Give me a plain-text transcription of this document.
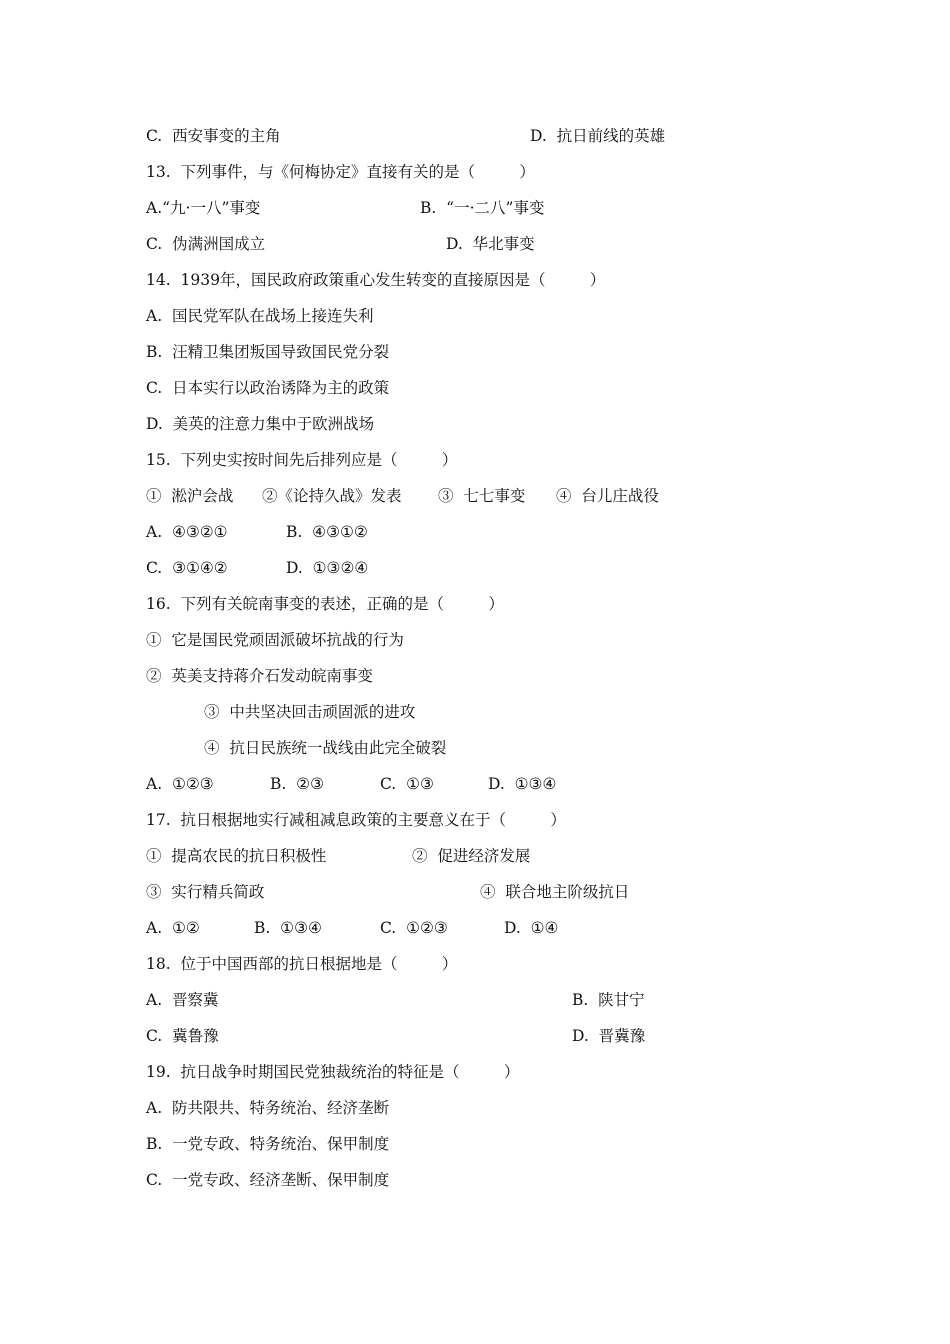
C.  西安事变的主角	D.  抗日前线的英雄
13.  下列事件，与《何梅协定》直接有关的是（         ）
A.“九·一八”事变	B.  “一·二八”事变
C.  伪满洲国成立	D.  华北事变
14.  1939年，国民政府政策重心发生转变的直接原因是（         ）
A.  国民党军队在战场上接连失利
B.  汪精卫集团叛国导致国民党分裂
C.  日本实行以政治诱降为主的政策
D.  美英的注意力集中于欧洲战场
15.  下列史实按时间先后排列应是（         ）
①  淞沪会战 ②《论持久战》发表 ③  七七事变 ④  台儿庄战役
A.  ④③②①	B.  ④③①②
C.  ③①④②	D.  ①③②④
16.  下列有关皖南事变的表述，正确的是（         ）
①  它是国民党顽固派破坏抗战的行为
②  英美支持蒋介石发动皖南事变
③  中共坚决回击顽固派的进攻
④  抗日民族统一战线由此完全破裂
A.  ①②③	B.  ②③	C.  ①③	D.  ①③④
17.  抗日根据地实行减租减息政策的主要意义在于（         ）
①  提高农民的抗日积极性	②  促进经济发展
③  实行精兵简政	④  联合地主阶级抗日
A.  ①②	B.  ①③④	C.  ①②③	D.  ①④
18.  位于中国西部的抗日根据地是（         ）
A.  晋察冀	B.  陕甘宁
C.  冀鲁豫	D.  晋冀豫
19.  抗日战争时期国民党独裁统治的特征是（         ）
A.  防共限共、特务统治、经济垄断
B.  一党专政、特务统治、保甲制度
C.  一党专政、经济垄断、保甲制度
